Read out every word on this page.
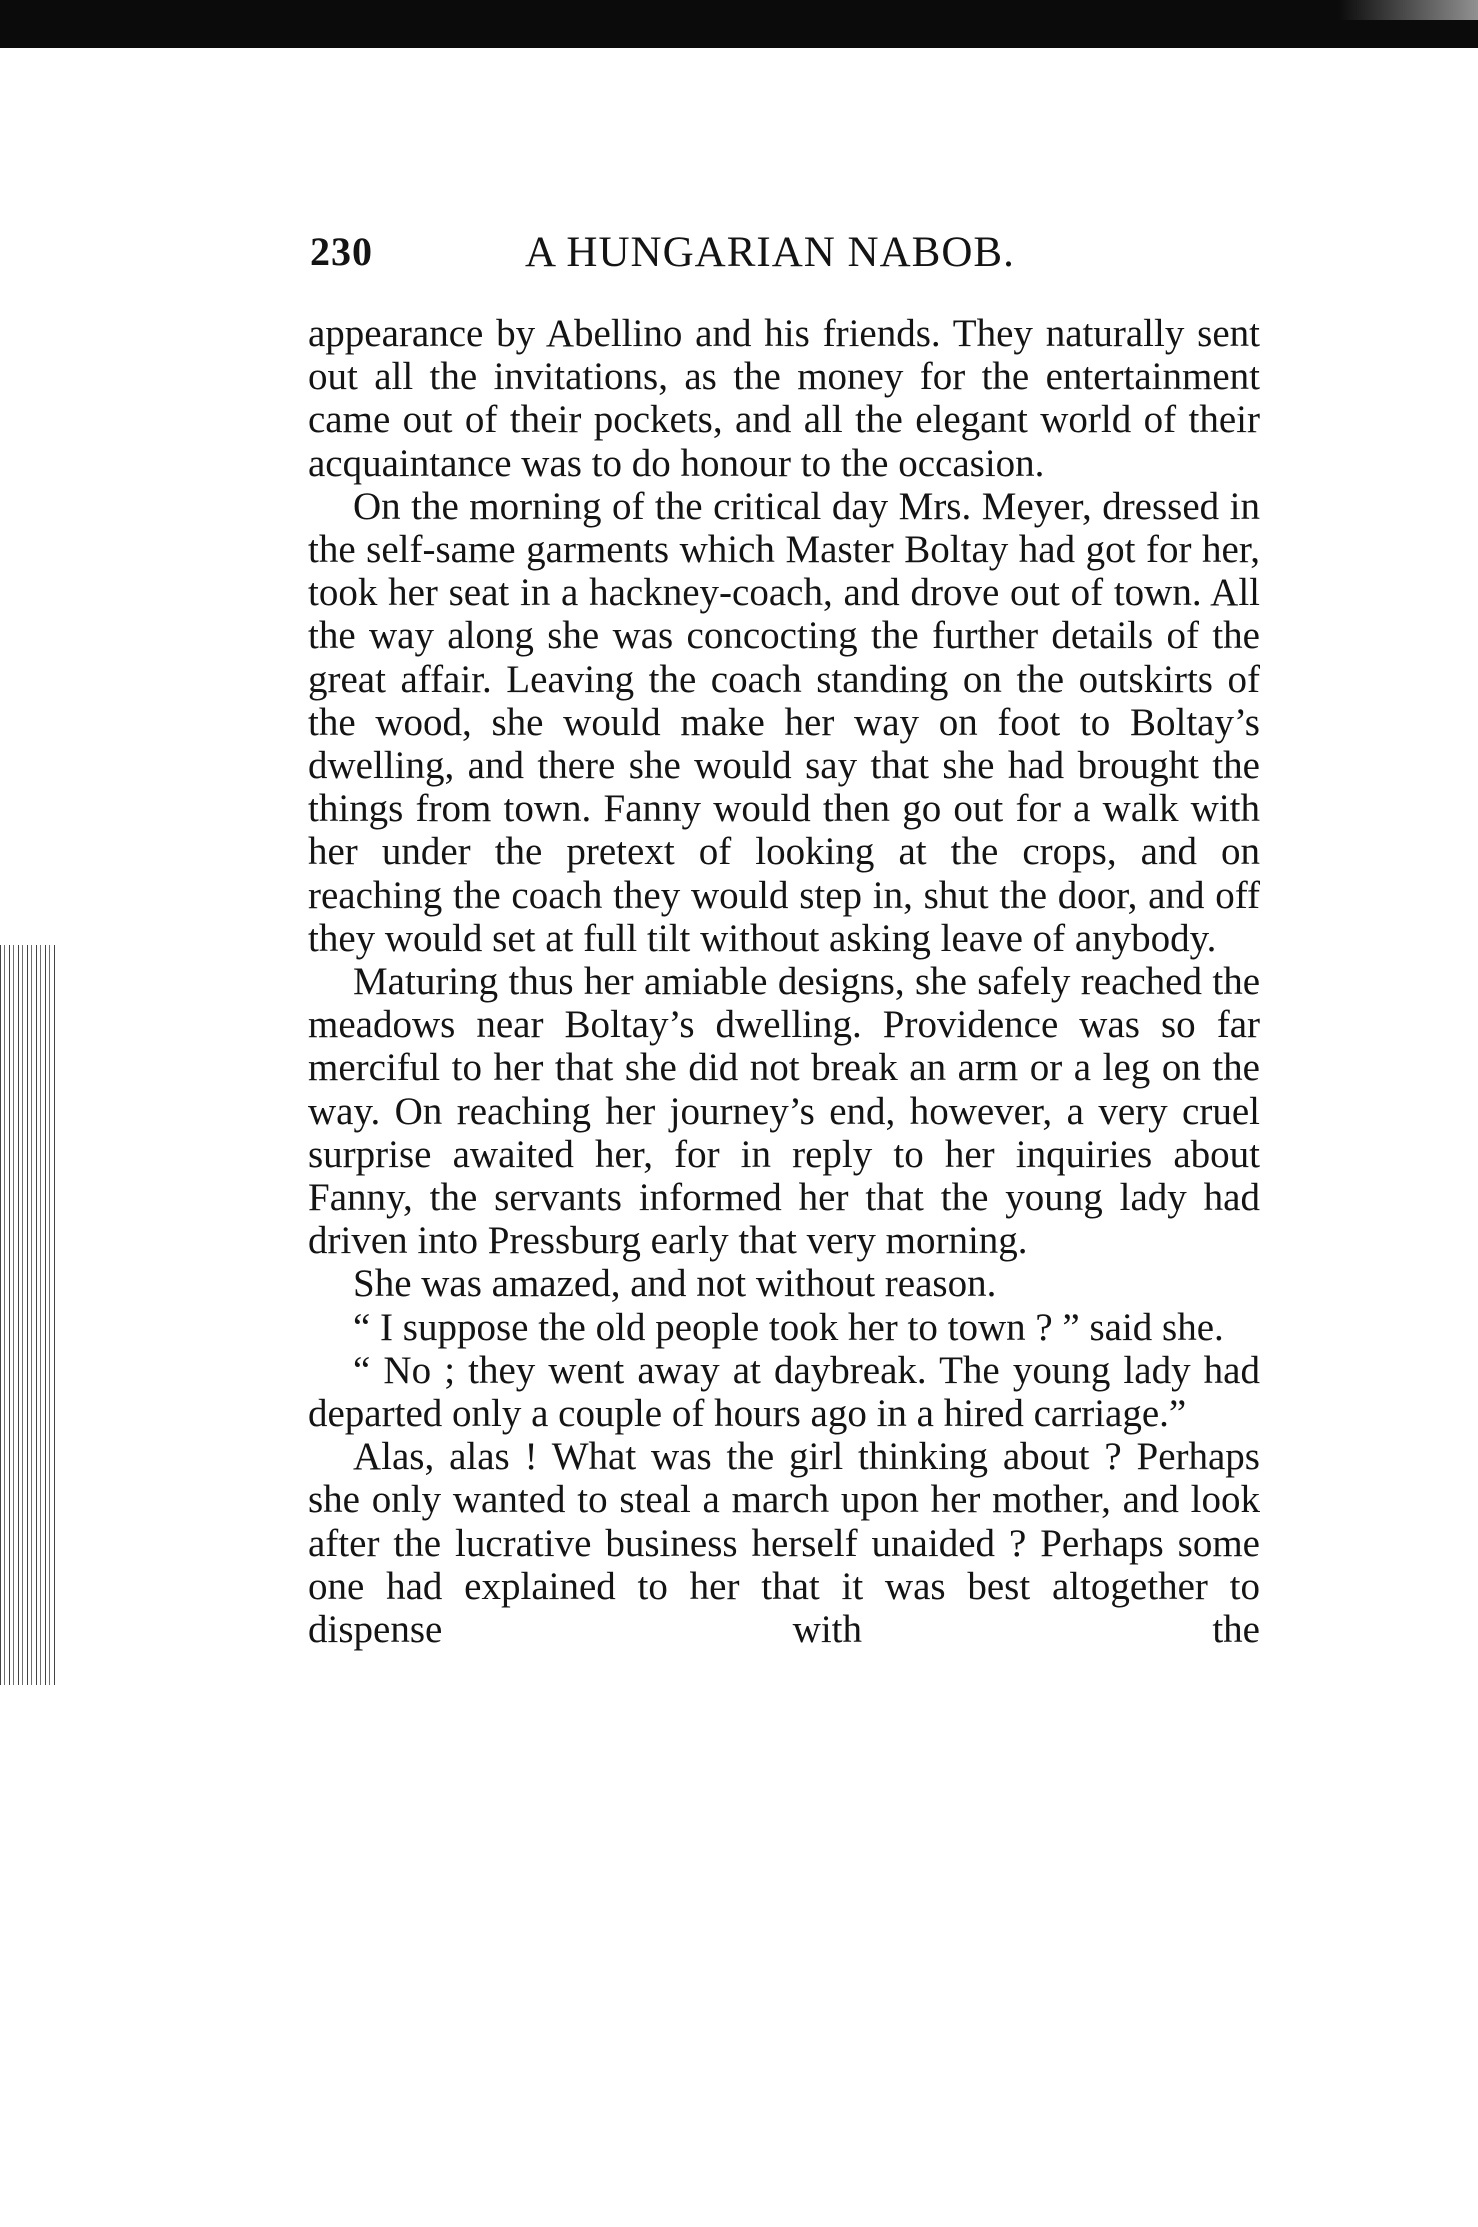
230	A HUNGARIAN NABOB.

appearance by Abellino and his friends. They naturally sent out all the invitations, as the money for the entertainment came out of their pockets, and all the elegant world of their acquaintance was to do honour to the occasion.

On the morning of the critical day Mrs. Meyer, dressed in the self-same garments which Master Boltay had got for her, took her seat in a hackney-coach, and drove out of town. All the way along she was concocting the further details of the great affair. Leaving the coach standing on the outskirts of the wood, she would make her way on foot to Boltay’s dwelling, and there she would say that she had brought the things from town. Fanny would then go out for a walk with her under the pretext of looking at the crops, and on reaching the coach they would step in, shut the door, and off they would set at full tilt without asking leave of anybody.

Maturing thus her amiable designs, she safely reached the meadows near Boltay’s dwelling. Providence was so far merciful to her that she did not break an arm or a leg on the way. On reaching her journey’s end, however, a very cruel surprise awaited her, for in reply to her inquiries about Fanny, the servants informed her that the young lady had driven into Pressburg early that very morning.

She was amazed, and not without reason.

“ I suppose the old people took her to town ? ” said she.

“ No ; they went away at daybreak. The young lady had departed only a couple of hours ago in a hired carriage.”

Alas, alas ! What was the girl thinking about ? Perhaps she only wanted to steal a march upon her mother, and look after the lucrative business herself unaided ? Perhaps some one had explained to her that it was best altogether to dispense with the
